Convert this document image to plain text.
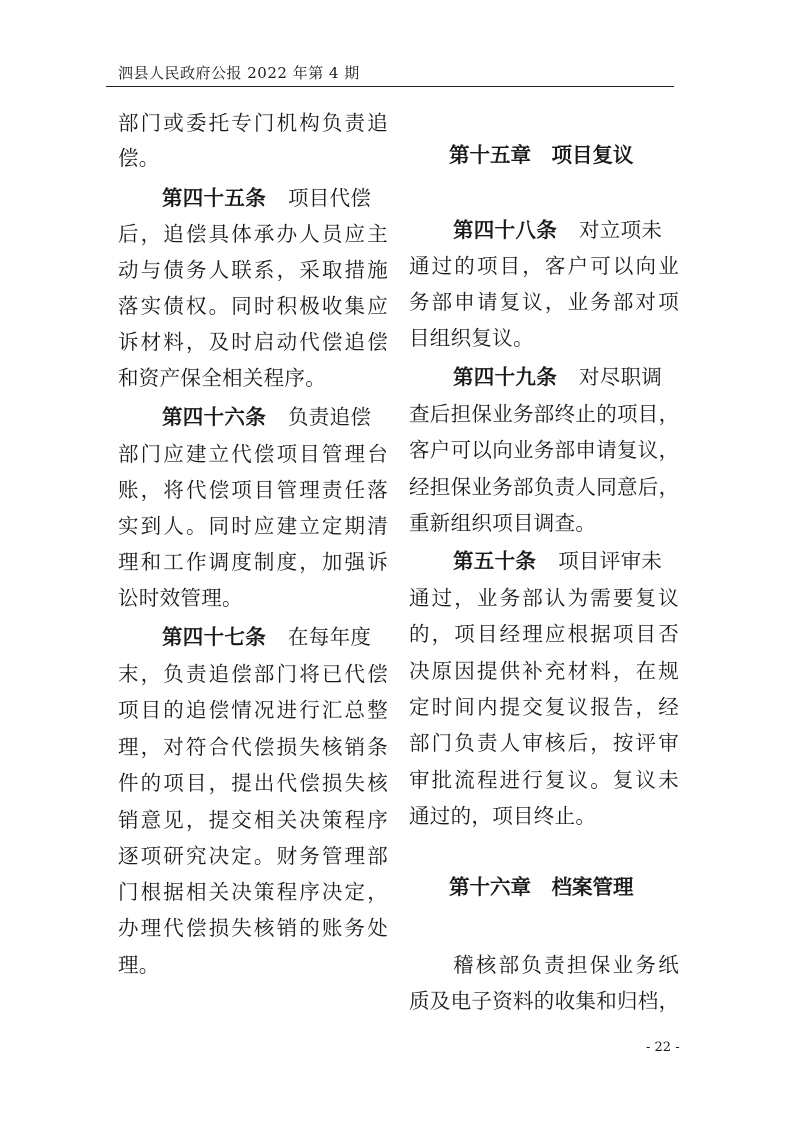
泗县人民政府公报 2022 年第 4 期
部门或委托专门机构负责追
偿。
第四十五条 项目代偿
后，追偿具体承办人员应主
动与债务人联系，采取措施
落实债权。同时积极收集应
诉材料，及时启动代偿追偿
和资产保全相关程序。
第四十六条 负责追偿
部门应建立代偿项目管理台
账，将代偿项目管理责任落
实到人。同时应建立定期清
理和工作调度制度，加强诉
讼时效管理。
第四十七条 在每年度
末，负责追偿部门将已代偿
项目的追偿情况进行汇总整
理，对符合代偿损失核销条
件的项目，提出代偿损失核
销意见，提交相关决策程序
逐项研究决定。财务管理部
门根据相关决策程序决定，
办理代偿损失核销的账务处
理。
第十五章　项目复议
第四十八条 对立项未
通过的项目，客户可以向业
务部申请复议，业务部对项
目组织复议。
第四十九条 对尽职调
查后担保业务部终止的项目，
客户可以向业务部申请复议，
经担保业务部负责人同意后，
重新组织项目调查。
第五十条 项目评审未
通过，业务部认为需要复议
的，项目经理应根据项目否
决原因提供补充材料，在规
定时间内提交复议报告，经
部门负责人审核后，按评审
审批流程进行复议。复议未
通过的，项目终止。
第十六章　档案管理
稽核部负责担保业务纸
质及电子资料的收集和归档，
- 22 -
